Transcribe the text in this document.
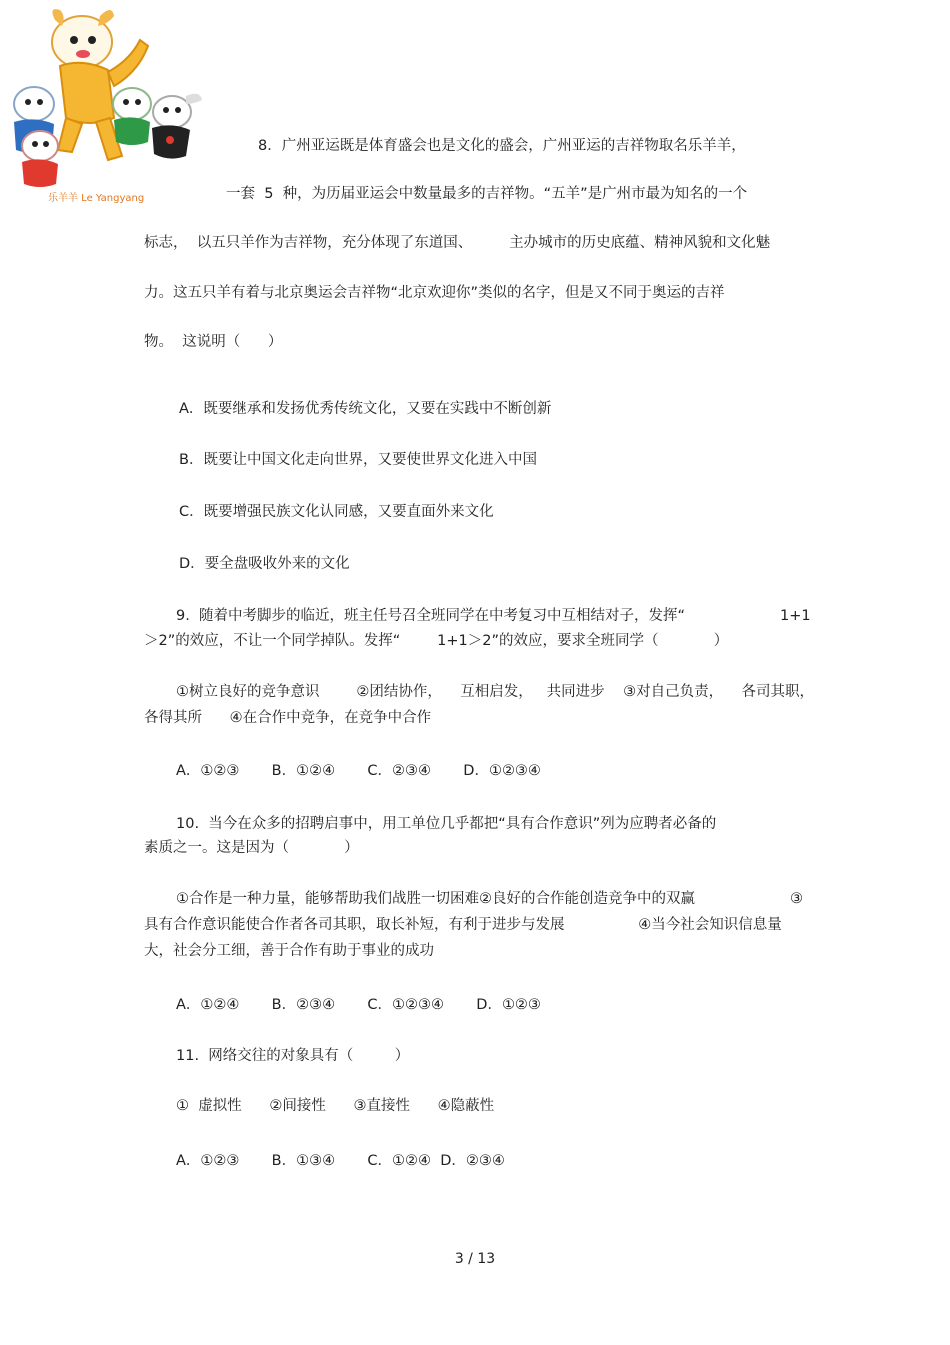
乐羊羊 Le Yangyang
8．广州亚运既是体育盛会也是文化的盛会，广州亚运的吉祥物取名乐羊羊，
一套  5  种，为历届亚运会中数量最多的吉祥物。“五羊”是广州市最为知名的一个
标志，  以五只羊作为吉祥物，充分体现了东道国、        主办城市的历史底蕴、精神风貌和文化魅
力。这五只羊有着与北京奥运会吉祥物“北京欢迎你”类似的名字，但是又不同于奥运的吉祥
物。  这说明（      ）
A．既要继承和发扬优秀传统文化，又要在实践中不断创新
B．既要让中国文化走向世界，又要使世界文化进入中国
C．既要增强民族文化认同感，又要直面外来文化
D．要全盘吸收外来的文化
9.  随着中考脚步的临近，班主任号召全班同学在中考复习中互相结对子，发挥“	1+1
＞2”的效应，不让一个同学掉队。发挥“        1+1＞2”的效应，要求全班同学（            ）
①树立良好的竞争意识        ②团结协作，    互相启发，   共同进步    ③对自己负责，    各司其职，
各得其所      ④在合作中竞争，在竞争中合作
A．①②③       B．①②④       C．②③④       D．①②③④
10.  当今在众多的招聘启事中，用工单位几乎都把“具有合作意识”列为应聘者必备的
素质之一。这是因为（            ）
①合作是一种力量，能够帮助我们战胜一切困难②良好的合作能创造竞争中的双赢	③
具有合作意识能使合作者各司其职，取长补短，有利于进步与发展                ④当今社会知识信息量
大，社会分工细，善于合作有助于事业的成功
A．①②④       B．②③④       C．①②③④       D．①②③
11.  网络交往的对象具有（         ）
①  虚拟性      ②间接性      ③直接性      ④隐蔽性
A．①②③       B．①③④       C．①②④  D．②③④
3 / 13
